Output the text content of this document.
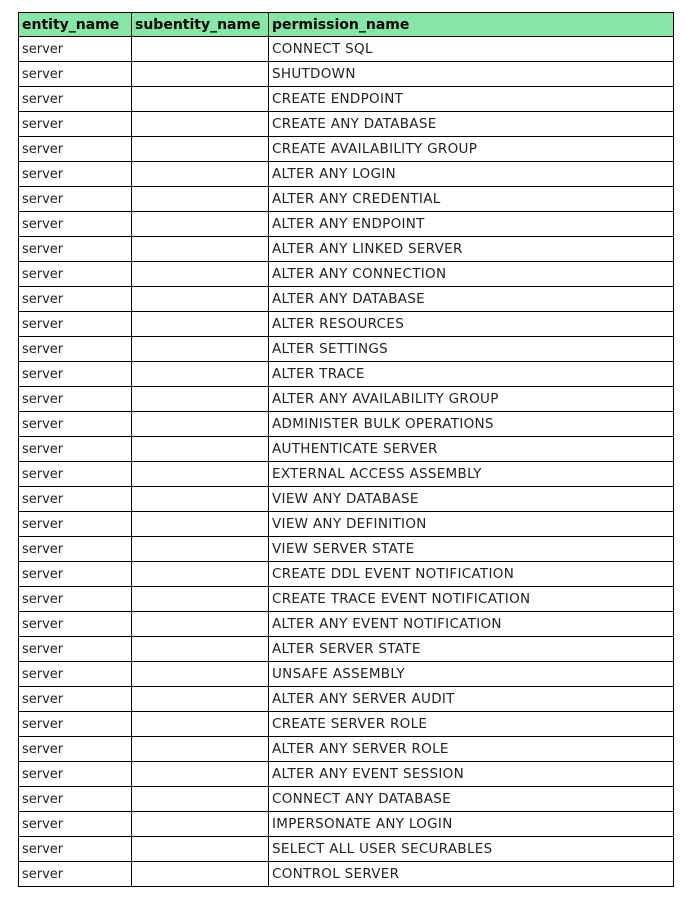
entity_name	subentity_name	permission_name
server		CONNECT SQL
server		SHUTDOWN
server		CREATE ENDPOINT
server		CREATE ANY DATABASE
server		CREATE AVAILABILITY GROUP
server		ALTER ANY LOGIN
server		ALTER ANY CREDENTIAL
server		ALTER ANY ENDPOINT
server		ALTER ANY LINKED SERVER
server		ALTER ANY CONNECTION
server		ALTER ANY DATABASE
server		ALTER RESOURCES
server		ALTER SETTINGS
server		ALTER TRACE
server		ALTER ANY AVAILABILITY GROUP
server		ADMINISTER BULK OPERATIONS
server		AUTHENTICATE SERVER
server		EXTERNAL ACCESS ASSEMBLY
server		VIEW ANY DATABASE
server		VIEW ANY DEFINITION
server		VIEW SERVER STATE
server		CREATE DDL EVENT NOTIFICATION
server		CREATE TRACE EVENT NOTIFICATION
server		ALTER ANY EVENT NOTIFICATION
server		ALTER SERVER STATE
server		UNSAFE ASSEMBLY
server		ALTER ANY SERVER AUDIT
server		CREATE SERVER ROLE
server		ALTER ANY SERVER ROLE
server		ALTER ANY EVENT SESSION
server		CONNECT ANY DATABASE
server		IMPERSONATE ANY LOGIN
server		SELECT ALL USER SECURABLES
server		CONTROL SERVER
